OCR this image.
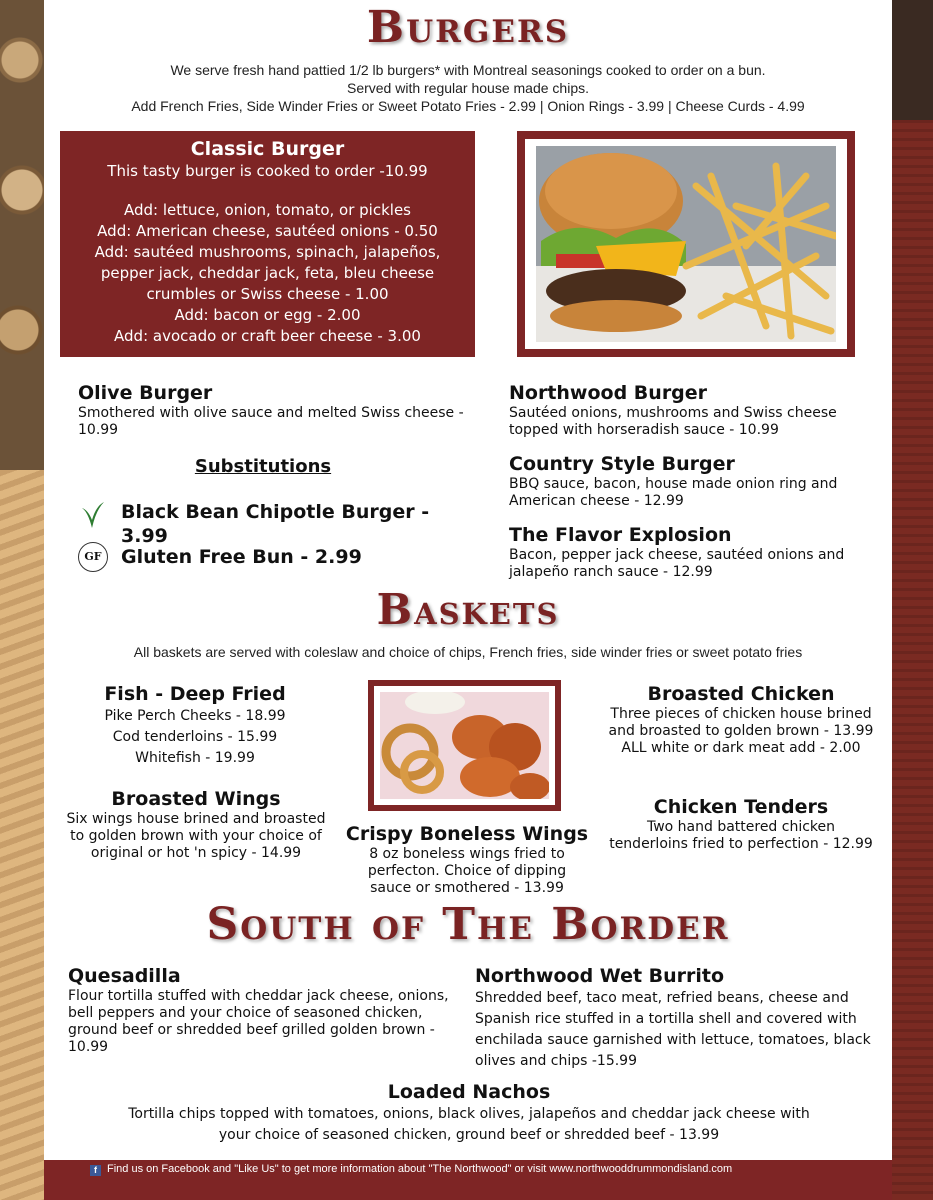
Burgers
We serve fresh hand pattied 1/2 lb burgers* with Montreal seasonings cooked to order on a bun.
Served with regular house made chips.
Add French Fries, Side Winder Fries or Sweet Potato Fries - 2.99 | Onion Rings - 3.99 | Cheese Curds - 4.99
Classic Burger
This tasty burger is cooked to order -10.99
Add: lettuce, onion, tomato, or pickles
Add: American cheese, sautéed onions - 0.50
Add: sautéed mushrooms, spinach, jalapeños,
pepper jack, cheddar jack, feta, bleu cheese
crumbles or Swiss cheese - 1.00
Add: bacon or egg - 2.00
Add: avocado or craft beer cheese - 3.00
Olive Burger
Smothered with olive sauce and melted Swiss cheese - 10.99
Substitutions
Black Bean Chipotle Burger - 3.99
GF	Gluten Free Bun - 2.99
Northwood Burger
Sautéed onions, mushrooms and Swiss cheese topped with horseradish sauce - 10.99
Country Style Burger
BBQ sauce, bacon, house made onion ring and American cheese - 12.99
The Flavor Explosion
Bacon, pepper jack cheese, sautéed onions and jalapeño ranch sauce - 12.99
Baskets
All baskets are served with coleslaw and choice of chips, French fries, side winder fries or sweet potato fries
Fish - Deep Fried
Pike Perch Cheeks - 18.99
Cod tenderloins - 15.99
Whitefish - 19.99
Broasted Wings
Six wings house brined and broasted to golden brown with your choice of original or hot 'n spicy - 14.99
Crispy Boneless Wings
8 oz boneless wings fried to perfecton. Choice of dipping sauce or smothered - 13.99
Broasted Chicken
Three pieces of chicken house brined and broasted to golden brown - 13.99
ALL white or dark meat add - 2.00
Chicken Tenders
Two hand battered chicken tenderloins fried to perfection - 12.99
South of The Border
Quesadilla
Flour tortilla stuffed with cheddar jack cheese, onions, bell peppers and your choice of seasoned chicken, ground beef or shredded beef grilled golden brown - 10.99
Northwood Wet Burrito
Shredded beef, taco meat, refried beans, cheese and Spanish rice stuffed in a tortilla shell and covered with enchilada sauce garnished with lettuce, tomatoes, black olives and chips -15.99
Loaded Nachos
Tortilla chips topped with tomatoes, onions, black olives, jalapeños and cheddar jack cheese with your choice of seasoned chicken, ground beef or shredded beef - 13.99
f Find us on Facebook and "Like Us" to get more information about "The Northwood" or visit www.northwooddrummondisland.com
